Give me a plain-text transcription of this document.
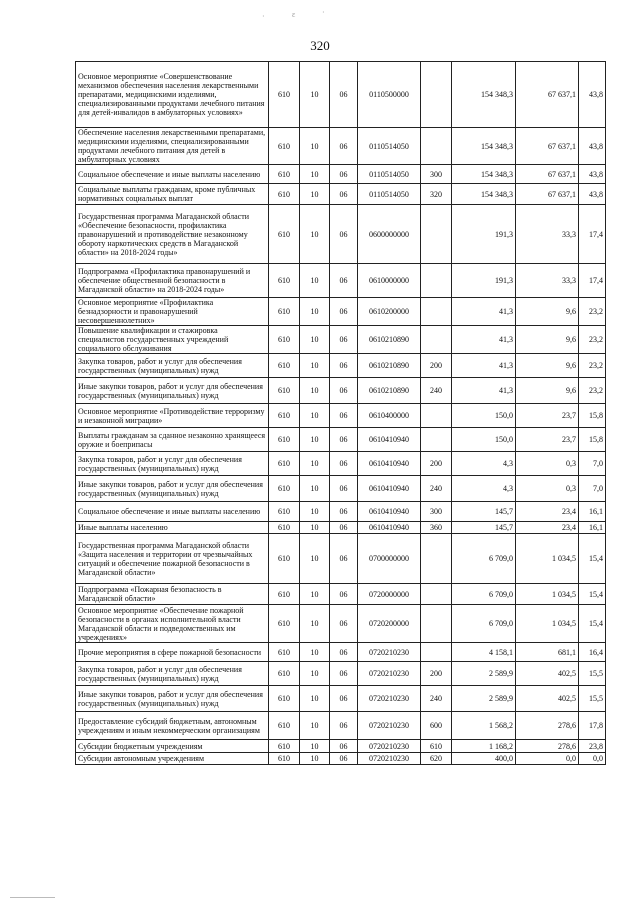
·	ε	·
320
Основное мероприятие «Совершенствование механизмов обеспечения населения лекарственными препаратами, медицинскими изделиями, специализированными продуктами лечебного питания для детей-инвалидов в амбулаторных условиях»	610	10	06	0110500000		154 348,3	67 637,1	43,8
Обеспечение населения лекарственными препаратами, медицинскими изделиями, специализированными продуктами лечебного питания для детей в амбулаторных условиях	610	10	06	0110514050		154 348,3	67 637,1	43,8
Социальное обеспечение и иные выплаты населению	610	10	06	0110514050	300	154 348,3	67 637,1	43,8
Социальные выплаты гражданам, кроме публичных нормативных социальных выплат	610	10	06	0110514050	320	154 348,3	67 637,1	43,8
Государственная программа Магаданской области «Обеспечение безопасности, профилактика правонарушений и противодействие незаконному обороту наркотических средств в Магаданской области» на 2018-2024 годы»	610	10	06	0600000000		191,3	33,3	17,4
Подпрограмма «Профилактика правонарушений и обеспечение общественной безопасности в Магаданской области» на 2018-2024 годы»	610	10	06	0610000000		191,3	33,3	17,4
Основное мероприятие «Профилактика безнадзорности и правонарушений несовершеннолетних»	610	10	06	0610200000		41,3	9,6	23,2
Повышение квалификации и стажировка специалистов государственных учреждений социального обслуживания	610	10	06	0610210890		41,3	9,6	23,2
Закупка товаров, работ и услуг для обеспечения государственных (муниципальных) нужд	610	10	06	0610210890	200	41,3	9,6	23,2
Иные закупки товаров, работ и услуг для обеспечения государственных (муниципальных) нужд	610	10	06	0610210890	240	41,3	9,6	23,2
Основное мероприятие «Противодействие терроризму и незаконной миграции»	610	10	06	0610400000		150,0	23,7	15,8
Выплаты гражданам за сданное незаконно хранящееся оружие и боеприпасы	610	10	06	0610410940		150,0	23,7	15,8
Закупка товаров, работ и услуг для обеспечения государственных (муниципальных) нужд	610	10	06	0610410940	200	4,3	0,3	7,0
Иные закупки товаров, работ и услуг для обеспечения государственных (муниципальных) нужд	610	10	06	0610410940	240	4,3	0,3	7,0
Социальное обеспечение и иные выплаты населению	610	10	06	0610410940	300	145,7	23,4	16,1
Иные выплаты населению	610	10	06	0610410940	360	145,7	23,4	16,1
Государственная программа Магаданской области «Защита населения и территории от чрезвычайных ситуаций и обеспечение пожарной безопасности в Магаданской области»	610	10	06	0700000000		6 709,0	1 034,5	15,4
Подпрограмма «Пожарная безопасность в Магаданской области»	610	10	06	0720000000		6 709,0	1 034,5	15,4
Основное мероприятие «Обеспечение пожарной безопасности в органах исполнительной власти Магаданской области и подведомственных им учреждениях»	610	10	06	0720200000		6 709,0	1 034,5	15,4
Прочие мероприятия в сфере пожарной безопасности	610	10	06	0720210230		4 158,1	681,1	16,4
Закупка товаров, работ и услуг для обеспечения государственных (муниципальных) нужд	610	10	06	0720210230	200	2 589,9	402,5	15,5
Иные закупки товаров, работ и услуг для обеспечения государственных (муниципальных) нужд	610	10	06	0720210230	240	2 589,9	402,5	15,5
Предоставление субсидий бюджетным, автономным учреждениям и иным некоммерческим организациям	610	10	06	0720210230	600	1 568,2	278,6	17,8
Субсидии бюджетным учреждениям	610	10	06	0720210230	610	1 168,2	278,6	23,8
Субсидии автономным учреждениям	610	10	06	0720210230	620	400,0	0,0	0,0
